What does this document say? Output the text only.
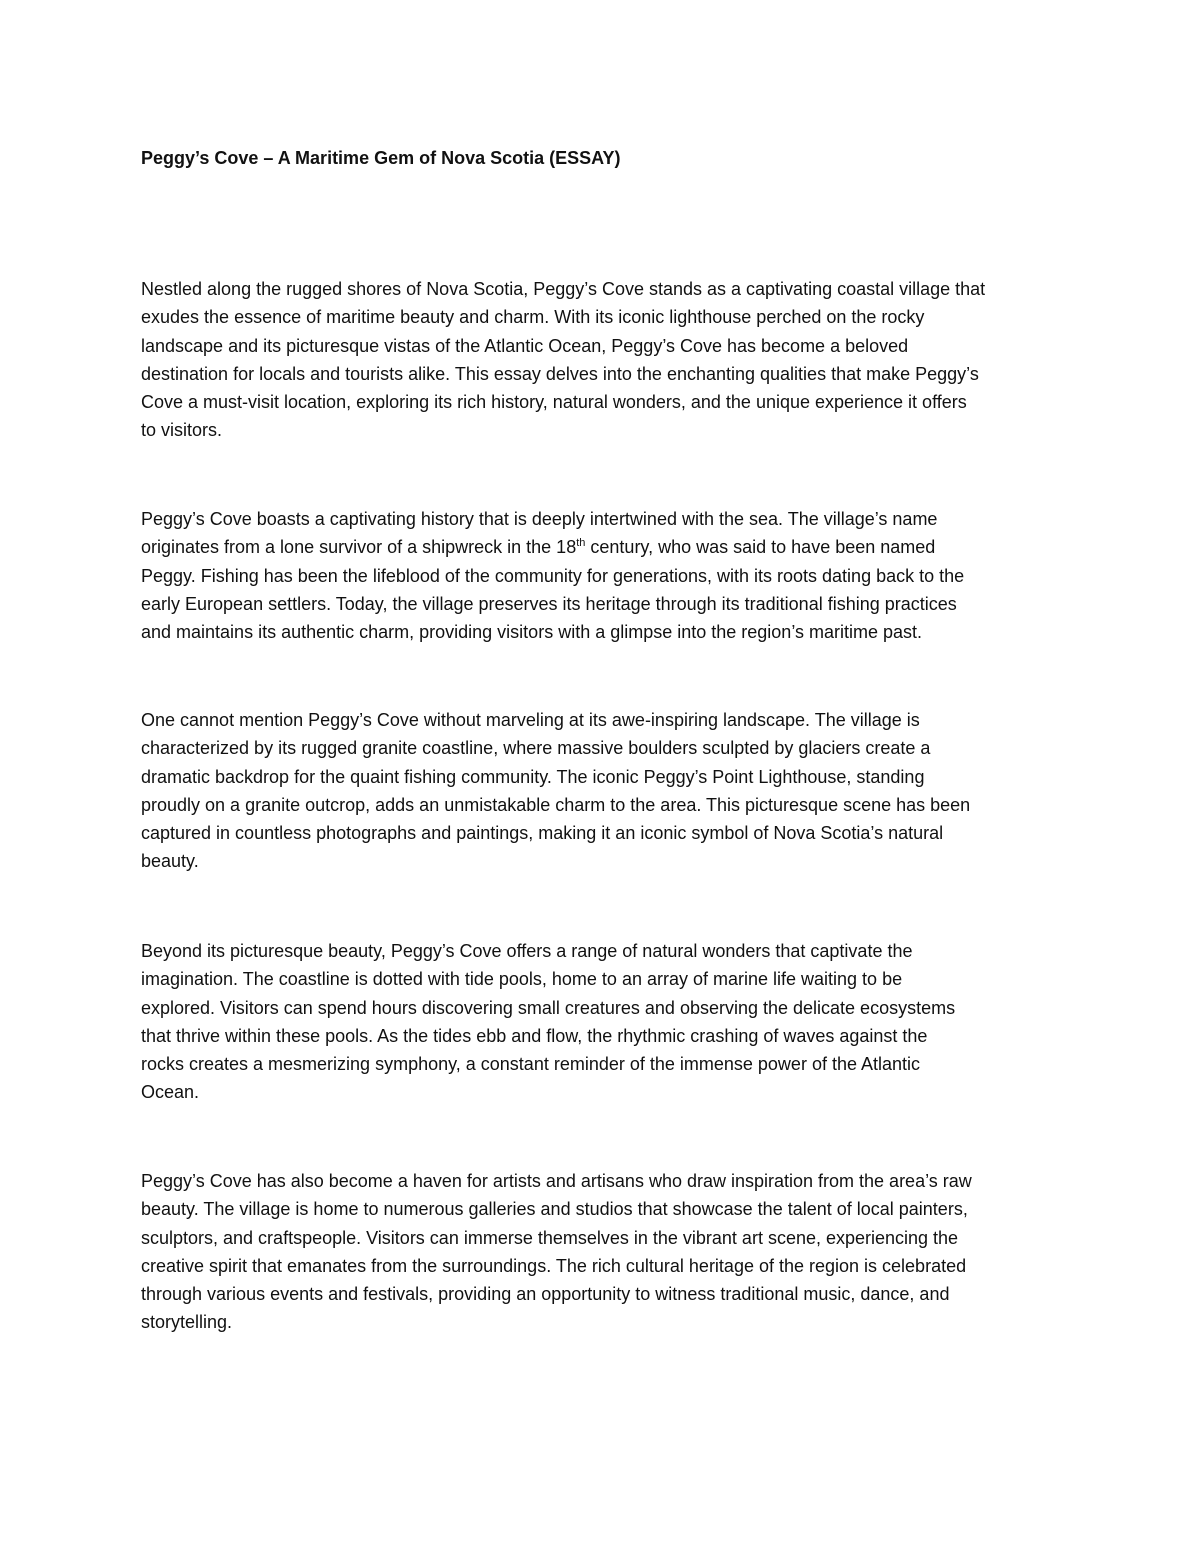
Peggy’s Cove – A Maritime Gem of Nova Scotia (ESSAY)
Nestled along the rugged shores of Nova Scotia, Peggy’s Cove stands as a captivating coastal village that
exudes the essence of maritime beauty and charm. With its iconic lighthouse perched on the rocky
landscape and its picturesque vistas of the Atlantic Ocean, Peggy’s Cove has become a beloved
destination for locals and tourists alike. This essay delves into the enchanting qualities that make Peggy’s
Cove a must-visit location, exploring its rich history, natural wonders, and the unique experience it offers
to visitors.
Peggy’s Cove boasts a captivating history that is deeply intertwined with the sea. The village’s name
originates from a lone survivor of a shipwreck in the 18th century, who was said to have been named
Peggy. Fishing has been the lifeblood of the community for generations, with its roots dating back to the
early European settlers. Today, the village preserves its heritage through its traditional fishing practices
and maintains its authentic charm, providing visitors with a glimpse into the region’s maritime past.
One cannot mention Peggy’s Cove without marveling at its awe-inspiring landscape. The village is
characterized by its rugged granite coastline, where massive boulders sculpted by glaciers create a
dramatic backdrop for the quaint fishing community. The iconic Peggy’s Point Lighthouse, standing
proudly on a granite outcrop, adds an unmistakable charm to the area. This picturesque scene has been
captured in countless photographs and paintings, making it an iconic symbol of Nova Scotia’s natural
beauty.
Beyond its picturesque beauty, Peggy’s Cove offers a range of natural wonders that captivate the
imagination. The coastline is dotted with tide pools, home to an array of marine life waiting to be
explored. Visitors can spend hours discovering small creatures and observing the delicate ecosystems
that thrive within these pools. As the tides ebb and flow, the rhythmic crashing of waves against the
rocks creates a mesmerizing symphony, a constant reminder of the immense power of the Atlantic
Ocean.
Peggy’s Cove has also become a haven for artists and artisans who draw inspiration from the area’s raw
beauty. The village is home to numerous galleries and studios that showcase the talent of local painters,
sculptors, and craftspeople. Visitors can immerse themselves in the vibrant art scene, experiencing the
creative spirit that emanates from the surroundings. The rich cultural heritage of the region is celebrated
through various events and festivals, providing an opportunity to witness traditional music, dance, and
storytelling.
